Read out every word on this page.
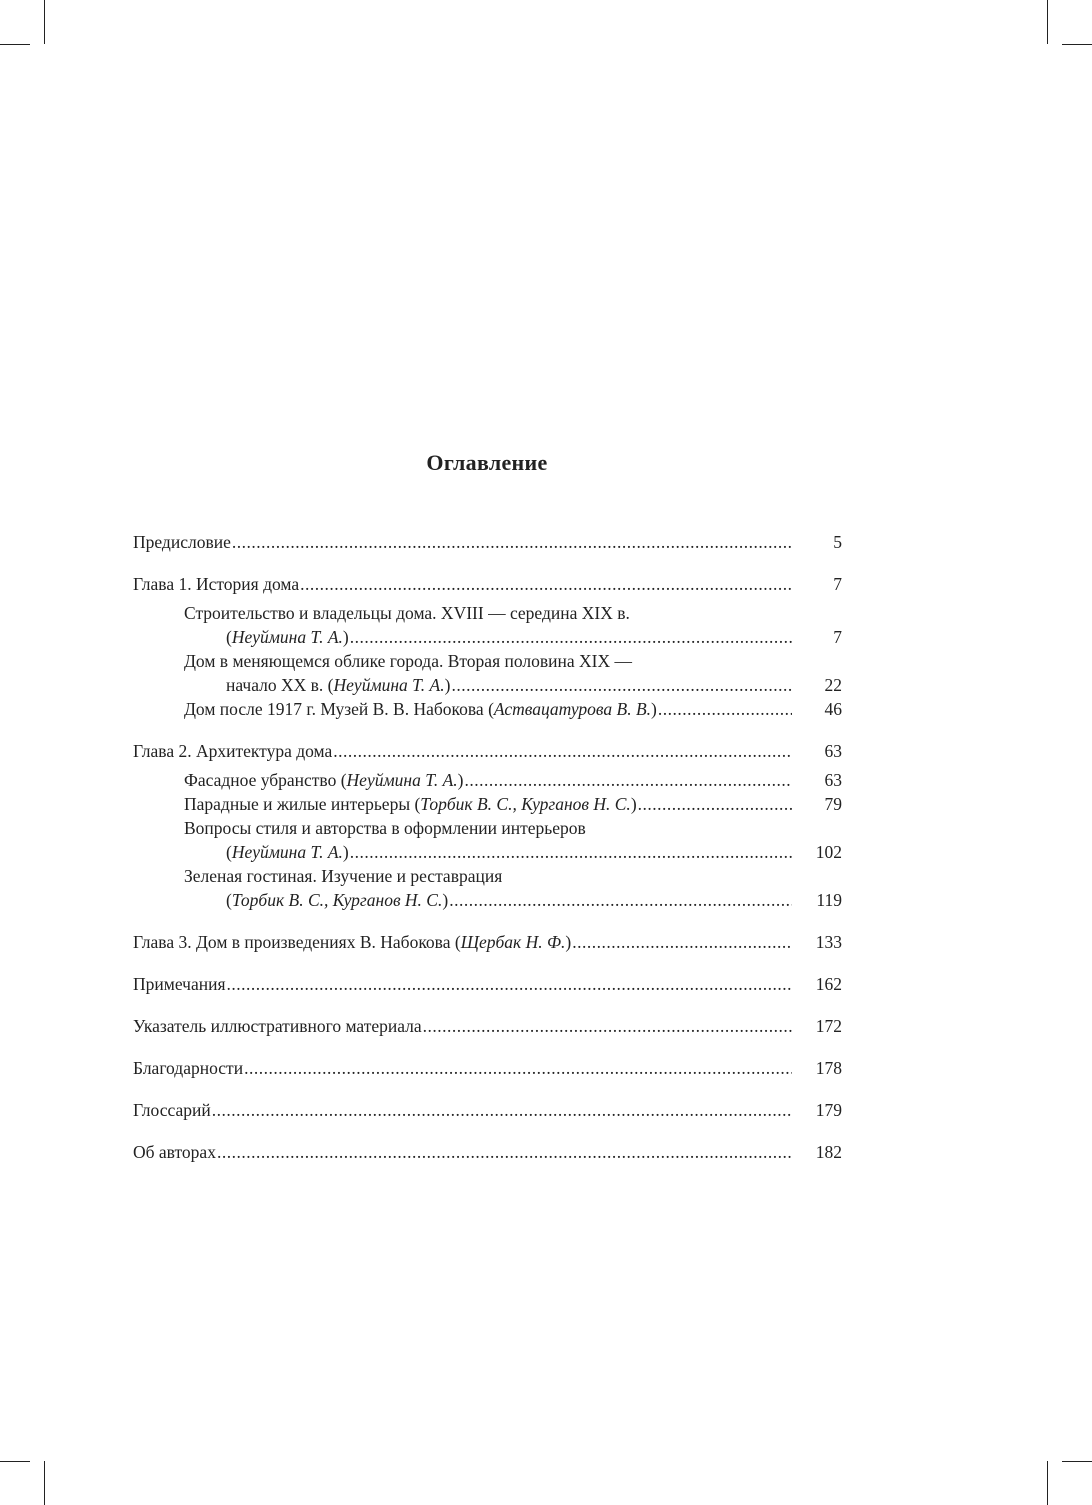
Оглавление
Предисловие .....	5
Глава 1. История дома .....	7
Строительство и владельцы дома. XVIII — середина XIX в.
(Неуймина Т. А.) .....	7
Дом в меняющемся облике города. Вторая половина XIX —
начало XX в. (Неуймина Т. А.) .....	22
Дом после 1917 г. Музей В. В. Набокова (Аствацатурова В. В.) .....	46
Глава 2. Архитектура дома .....	63
Фасадное убранство (Неуймина Т. А.) .....	63
Парадные и жилые интерьеры (Торбик В. С., Курганов Н. С.) .....	79
Вопросы стиля и авторства в оформлении интерьеров
(Неуймина Т. А.) .....	102
Зеленая гостиная. Изучение и реставрация
(Торбик В. С., Курганов Н. С.) .....	119
Глава 3. Дом в произведениях В. Набокова (Щербак Н. Ф.) .....	133
Примечания .....	162
Указатель иллюстративного материала .....	172
Благодарности .....	178
Глоссарий .....	179
Об авторах .....	182
